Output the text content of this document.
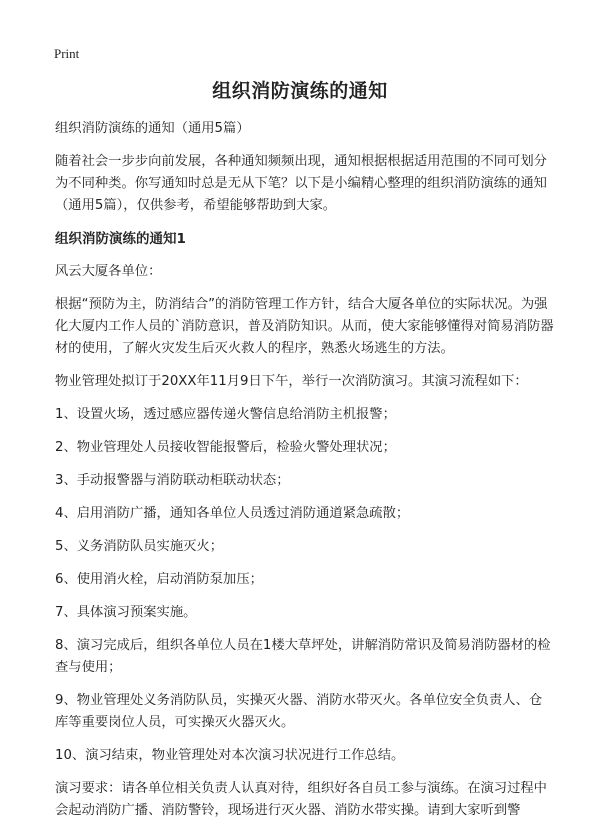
Print
组织消防演练的通知

组织消防演练的通知（通用5篇）

随着社会一步步向前发展，各种通知频频出现，通知根据根据适用范围的不同可划分为不同种类。你写通知时总是无从下笔？以下是小编精心整理的组织消防演练的通知（通用5篇），仅供参考，希望能够帮助到大家。

组织消防演练的通知1

风云大厦各单位：

根据“预防为主，防消结合”的消防管理工作方针，结合大厦各单位的实际状况。为强化大厦内工作人员的`消防意识，普及消防知识。从而，使大家能够懂得对简易消防器材的使用，了解火灾发生后灭火救人的程序，熟悉火场逃生的方法。

物业管理处拟订于20XX年11月9日下午，举行一次消防演习。其演习流程如下：

1、设置火场，透过感应器传递火警信息给消防主机报警；

2、物业管理处人员接收智能报警后，检验火警处理状况；

3、手动报警器与消防联动柜联动状态；

4、启用消防广播，通知各单位人员透过消防通道紧急疏散；

5、义务消防队员实施灭火；

6、使用消火栓，启动消防泵加压；

7、具体演习预案实施。

8、演习完成后，组织各单位人员在1楼大草坪处，讲解消防常识及简易消防器材的检查与使用；

9、物业管理处义务消防队员，实操灭火器、消防水带灭火。各单位安全负责人、仓库等重要岗位人员，可实操灭火器灭火。

10、演习结束，物业管理处对本次演习状况进行工作总结。

演习要求：请各单位相关负责人认真对待，组织好各自员工参与演练。在演习过程中会起动消防广播、消防警铃，现场进行灭火器、消防水带实操。请到大家听到警
